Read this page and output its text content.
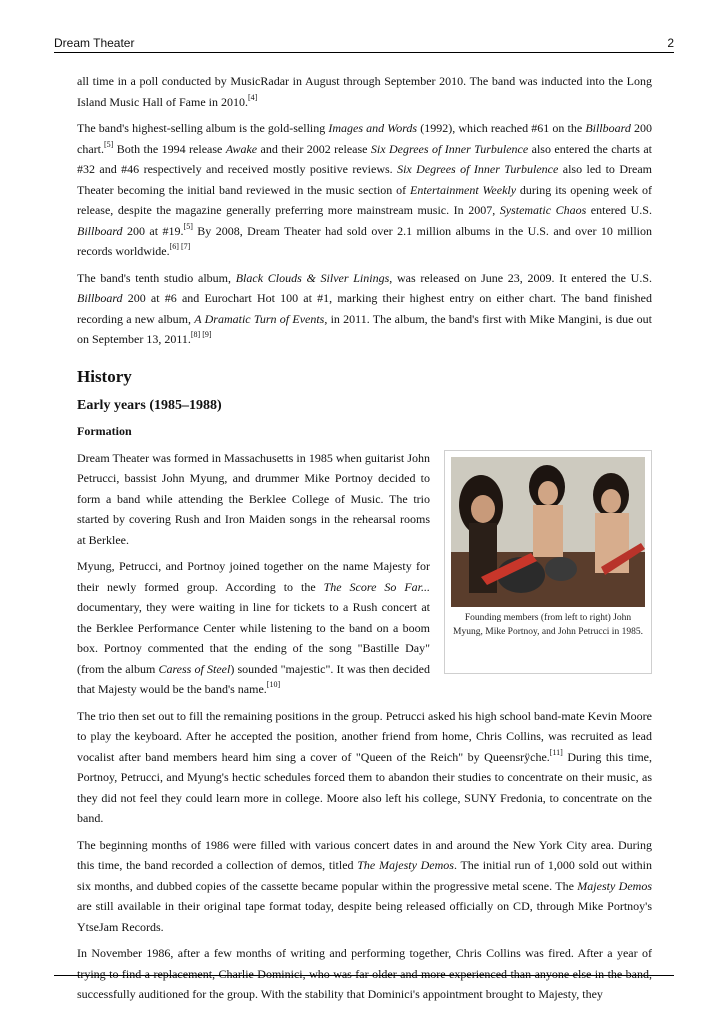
Dream Theater	2

all time in a poll conducted by MusicRadar in August through September 2010. The band was inducted into the Long Island Music Hall of Fame in 2010.[4]

The band's highest-selling album is the gold-selling Images and Words (1992), which reached #61 on the Billboard 200 chart.[5] Both the 1994 release Awake and their 2002 release Six Degrees of Inner Turbulence also entered the charts at #32 and #46 respectively and received mostly positive reviews. Six Degrees of Inner Turbulence also led to Dream Theater becoming the initial band reviewed in the music section of Entertainment Weekly during its opening week of release, despite the magazine generally preferring more mainstream music. In 2007, Systematic Chaos entered U.S. Billboard 200 at #19.[5] By 2008, Dream Theater had sold over 2.1 million albums in the U.S. and over 10 million records worldwide.[6] [7]

The band's tenth studio album, Black Clouds & Silver Linings, was released on June 23, 2009. It entered the U.S. Billboard 200 at #6 and Eurochart Hot 100 at #1, marking their highest entry on either chart. The band finished recording a new album, A Dramatic Turn of Events, in 2011. The album, the band's first with Mike Mangini, is due out on September 13, 2011.[8] [9]

History
Early years (1985–1988)
Formation
Founding members (from left to right) John Myung, Mike Portnoy, and John Petrucci in 1985.

Dream Theater was formed in Massachusetts in 1985 when guitarist John Petrucci, bassist John Myung, and drummer Mike Portnoy decided to form a band while attending the Berklee College of Music. The trio started by covering Rush and Iron Maiden songs in the rehearsal rooms at Berklee.

Myung, Petrucci, and Portnoy joined together on the name Majesty for their newly formed group. According to the The Score So Far... documentary, they were waiting in line for tickets to a Rush concert at the Berklee Performance Center while listening to the band on a boom box. Portnoy commented that the ending of the song "Bastille Day" (from the album Caress of Steel) sounded "majestic". It was then decided that Majesty would be the band's name.[10]

The trio then set out to fill the remaining positions in the group. Petrucci asked his high school band-mate Kevin Moore to play the keyboard. After he accepted the position, another friend from home, Chris Collins, was recruited as lead vocalist after band members heard him sing a cover of "Queen of the Reich" by Queensrÿche.[11] During this time, Portnoy, Petrucci, and Myung's hectic schedules forced them to abandon their studies to concentrate on their music, as they did not feel they could learn more in college. Moore also left his college, SUNY Fredonia, to concentrate on the band.

The beginning months of 1986 were filled with various concert dates in and around the New York City area. During this time, the band recorded a collection of demos, titled The Majesty Demos. The initial run of 1,000 sold out within six months, and dubbed copies of the cassette became popular within the progressive metal scene. The Majesty Demos are still available in their original tape format today, despite being released officially on CD, through Mike Portnoy's YtseJam Records.

In November 1986, after a few months of writing and performing together, Chris Collins was fired. After a year of trying to find a replacement, Charlie Dominici, who was far older and more experienced than anyone else in the band, successfully auditioned for the group. With the stability that Dominici's appointment brought to Majesty, they
